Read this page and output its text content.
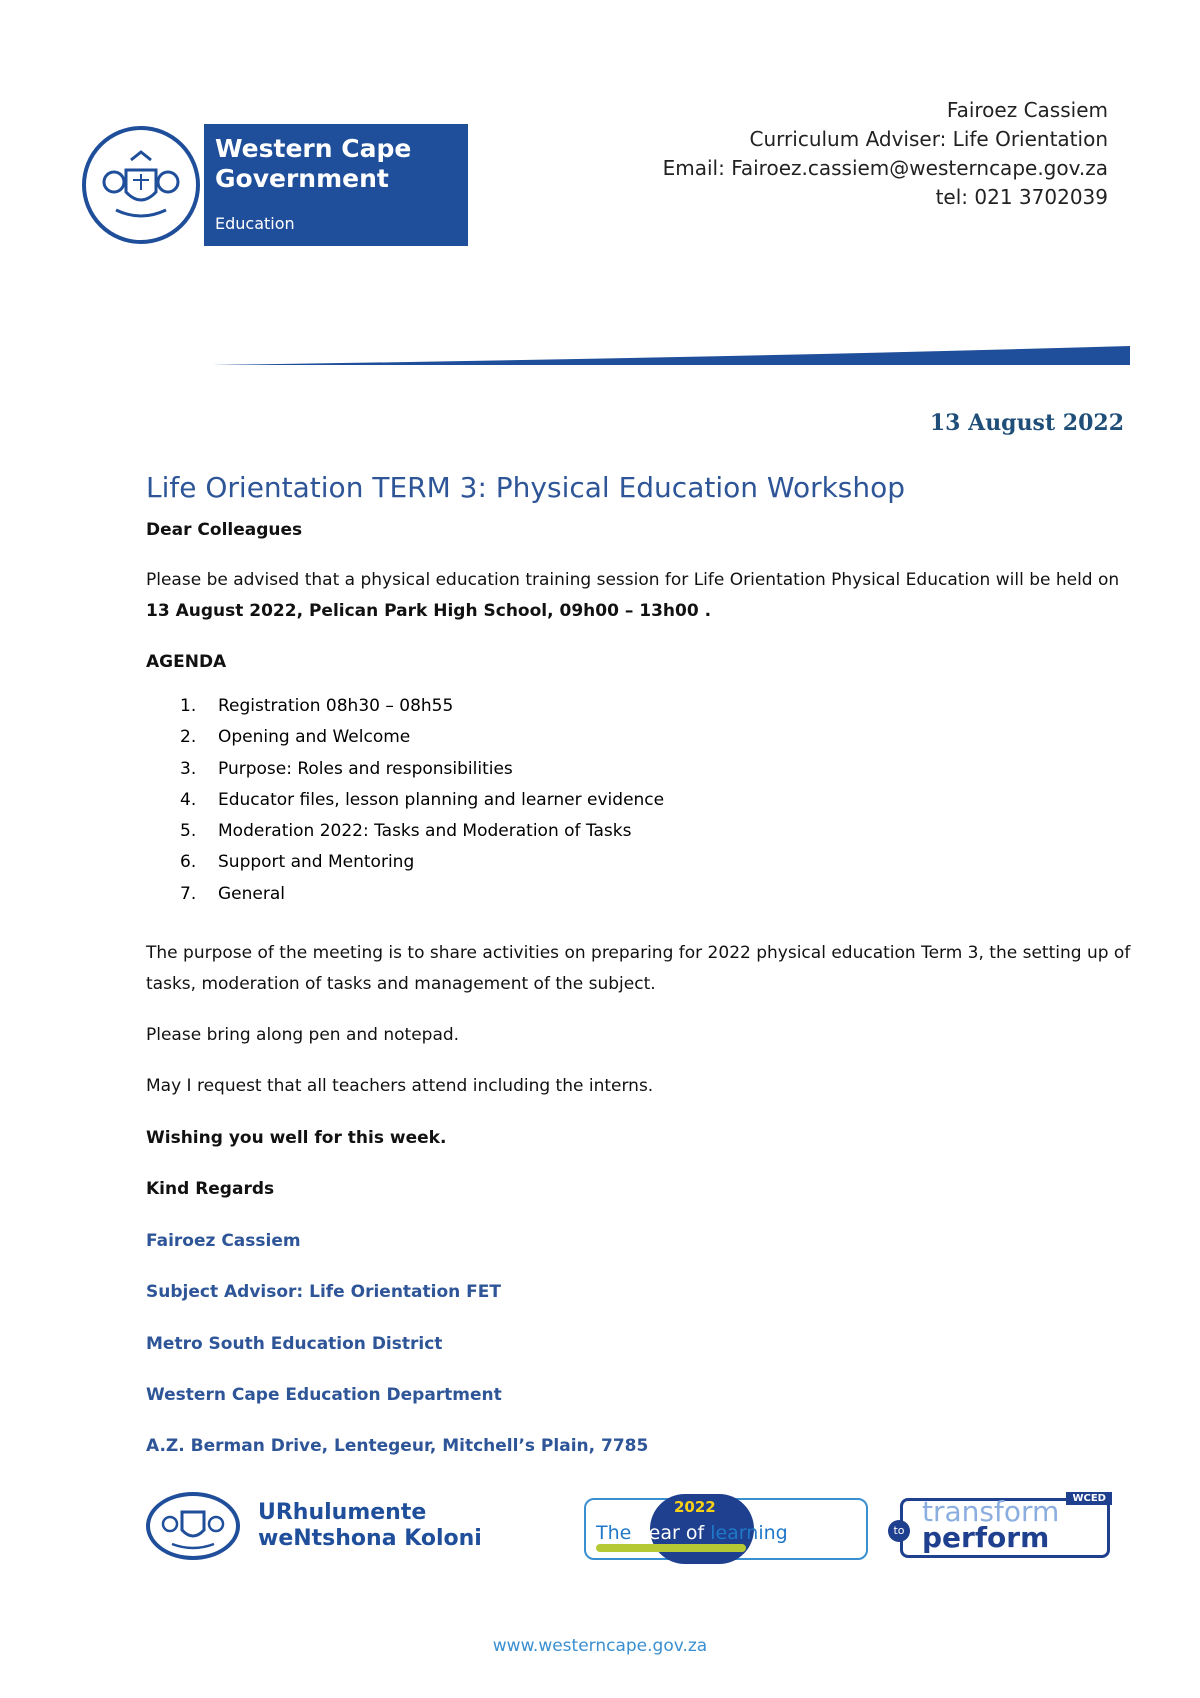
Western Cape
Government
Education
Fairoez Cassiem
Curriculum Adviser: Life Orientation
Email: Fairoez.cassiem@westerncape.gov.za
tel: 021 3702039
13 August 2022
Life Orientation TERM 3: Physical Education Workshop
Dear Colleagues
Please be advised that a physical education training session for Life Orientation Physical Education will be held on
13 August 2022, Pelican Park High School, 09h00 – 13h00 .
AGENDA
1. Registration 08h30 – 08h55
2. Opening and Welcome
3. Purpose: Roles and responsibilities
4. Educator files, lesson planning and learner evidence
5. Moderation 2022: Tasks and Moderation of Tasks
6. Support and Mentoring
7. General
The purpose of the meeting is to share activities on preparing for 2022 physical education Term 3, the setting up of tasks, moderation of tasks and management of the subject.
Please bring along pen and notepad.
May I request that all teachers attend including the interns.
Wishing you well for this week.
Kind Regards
Fairoez Cassiem
Subject Advisor: Life Orientation FET
Metro South Education District
Western Cape Education Department
A.Z. Berman Drive, Lentegeur, Mitchell’s Plain, 7785
URhulumente
weNtshona Koloni
2022
The year of learning
WCED
to
transform
perform
www.westerncape.gov.za
